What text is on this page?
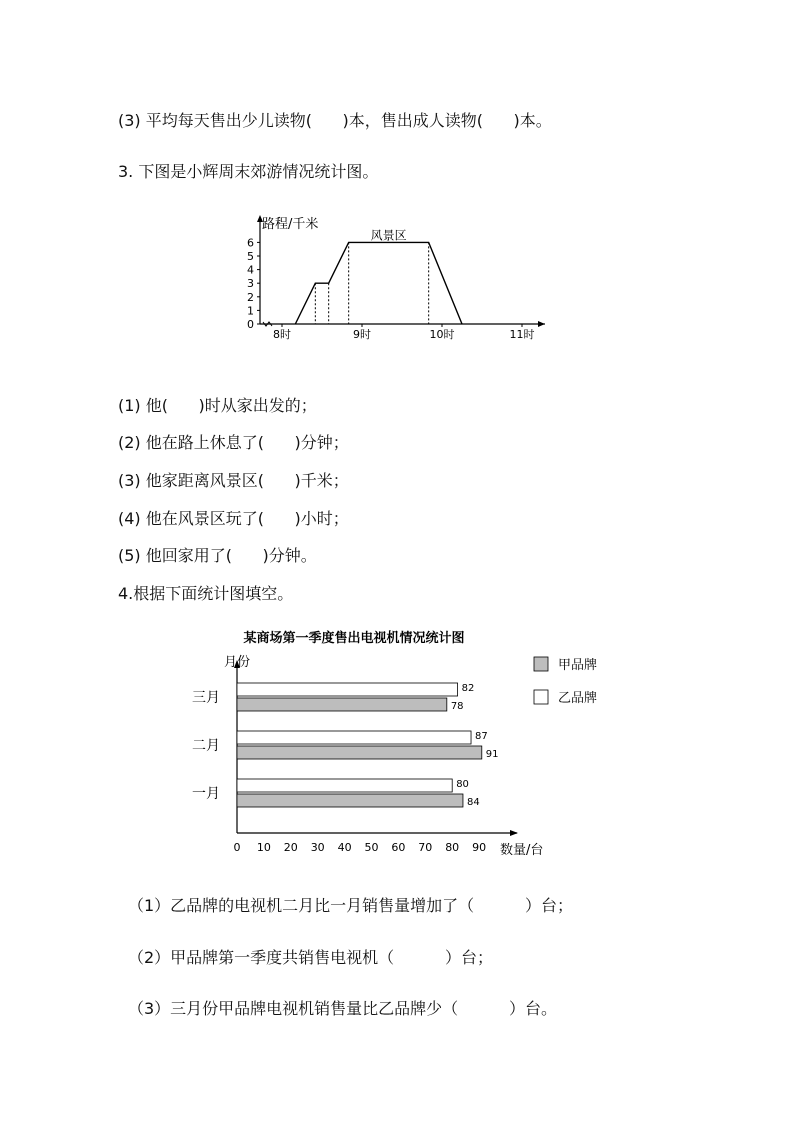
(3) 平均每天售出少儿读物(      )本，售出成人读物(      )本。
3. 下图是小辉周末郊游情况统计图。
路程/千米
0
1
2
3
4
5
6
8时	9时	10时	11时
风景区
(1) 他(      )时从家出发的；
(2) 他在路上休息了(      )分钟；
(3) 他家距离风景区(      )千米；
(4) 他在风景区玩了(      )小时；
(5) 他回家用了(      )分钟。
4.根据下面统计图填空。
某商场第一季度售出电视机情况统计图
月份
数量/台
0 10 20 30 40 50 60 70 80 90
一月
80
84
二月
87
91
三月
82
78
甲品牌
乙品牌
（1）乙品牌的电视机二月比一月销售量增加了（          ）台；
（2）甲品牌第一季度共销售电视机（          ）台；
（3）三月份甲品牌电视机销售量比乙品牌少（          ）台。
